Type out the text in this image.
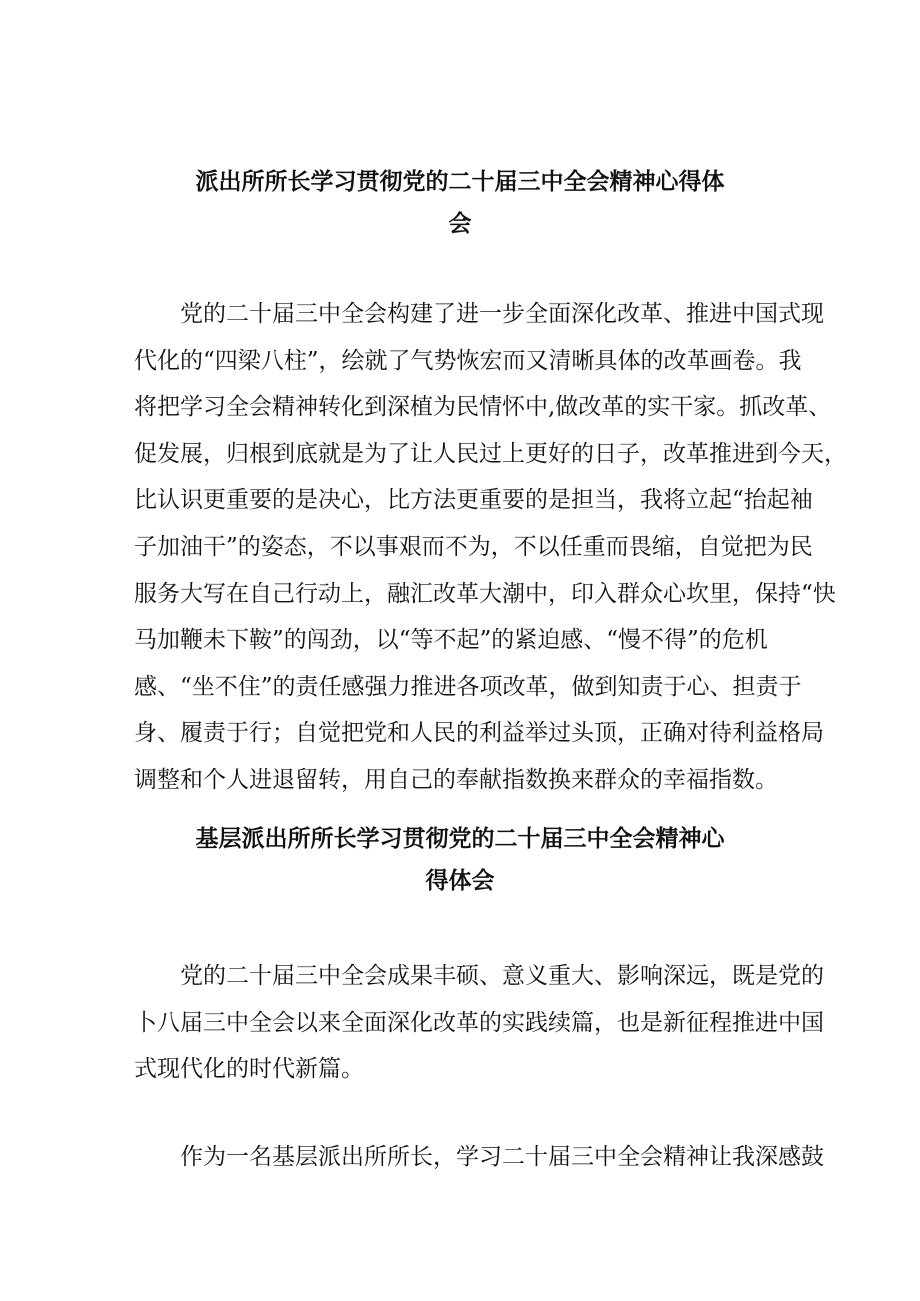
派出所所长学习贯彻党的二十届三中全会精神心得体
会
党的二十届三中全会构建了进一步全面深化改革、推进中国式现
代化的“四梁八柱”，绘就了气势恢宏而又清晰具体的改革画卷。我
将把学习全会精神转化到深植为民情怀中,做改革的实干家。抓改革、
促发展，归根到底就是为了让人民过上更好的日子，改革推进到今天，
比认识更重要的是决心，比方法更重要的是担当，我将立起“抬起袖
子加油干”的姿态，不以事艰而不为，不以任重而畏缩，自觉把为民
服务大写在自己行动上，融汇改革大潮中，印入群众心坎里，保持“快
马加鞭未下鞍”的闯劲，以“等不起”的紧迫感、“慢不得”的危机
感、“坐不住”的责任感强力推进各项改革，做到知责于心、担责于
身、履责于行；自觉把党和人民的利益举过头顶，正确对待利益格局
调整和个人进退留转，用自己的奉献指数换来群众的幸福指数。
基层派出所所长学习贯彻党的二十届三中全会精神心
得体会
党的二十届三中全会成果丰硕、意义重大、影响深远，既是党的
卜八届三中全会以来全面深化改革的实践续篇，也是新征程推进中国
式现代化的时代新篇。
作为一名基层派出所所长，学习二十届三中全会精神让我深感鼓
